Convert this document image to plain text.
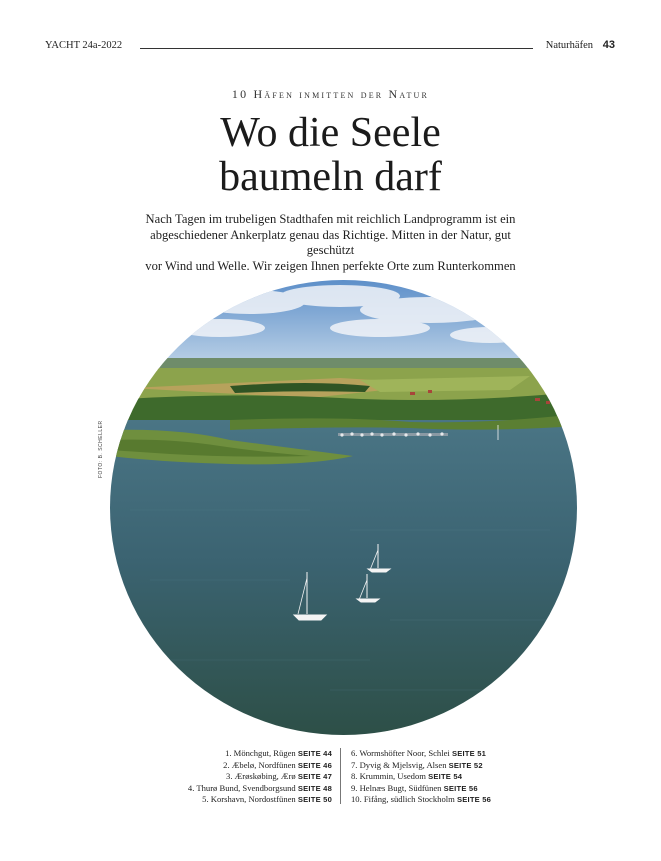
YACHT 24a-2022	Naturhäfen 43
10 Häfen inmitten der Natur
Wo die Seele
baumeln darf
Nach Tagen im trubeligen Stadthafen mit reichlich Landprogramm ist ein
abgeschiedener Ankerplatz genau das Richtige. Mitten in der Natur, gut geschützt
vor Wind und Welle. Wir zeigen Ihnen perfekte Orte zum Runterkommen
FOTO: B. SCHELLER
1. Mönchgut, Rügen SEITE 44
2. Æbelø, Nordfünen SEITE 46
3. Ærøskøbing, Ærø SEITE 47
4. Thurø Bund, Svendborgsund SEITE 48
5. Korshavn, Nordostfünen SEITE 50
6. Wormshöfter Noor, Schlei SEITE 51
7. Dyvig & Mjelsvig, Alsen SEITE 52
8. Krummin, Usedom SEITE 54
9. Helnæs Bugt, Südfünen SEITE 56
10. Fifång, südlich Stockholm SEITE 56
